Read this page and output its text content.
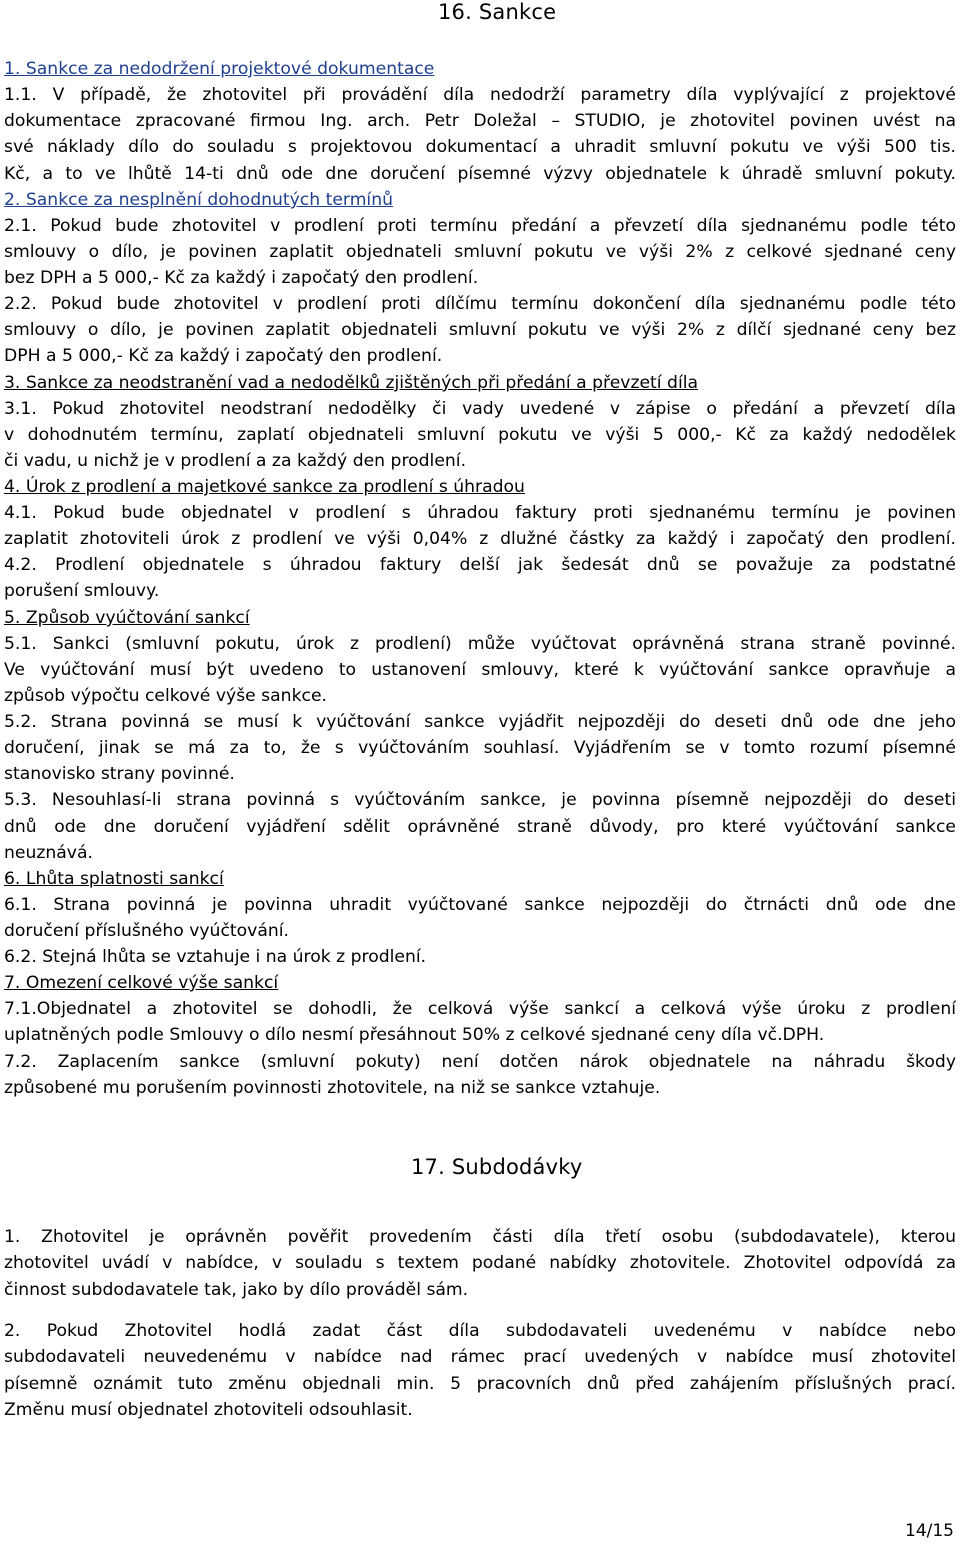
16. Sankce
1. Sankce za nedodržení projektové dokumentace
1.1. V případě, že zhotovitel při provádění díla nedodrží parametry díla vyplývající z projektové
dokumentace zpracované firmou Ing. arch. Petr Doležal – STUDIO, je zhotovitel povinen uvést na
své náklady dílo do souladu s projektovou dokumentací a uhradit smluvní pokutu ve výši 500 tis.
Kč, a to ve lhůtě 14-ti dnů ode dne doručení písemné výzvy objednatele k úhradě smluvní pokuty.
2. Sankce za nesplnění dohodnutých termínů
2.1. Pokud bude zhotovitel v prodlení proti termínu předání a převzetí díla sjednanému podle této
smlouvy o dílo, je povinen zaplatit objednateli smluvní pokutu ve výši 2% z celkové sjednané ceny
bez DPH a 5 000,- Kč za každý i započatý den prodlení.
2.2. Pokud bude zhotovitel v prodlení proti dílčímu termínu dokončení díla sjednanému podle této
smlouvy o dílo, je povinen zaplatit objednateli smluvní pokutu ve výši 2% z dílčí sjednané ceny bez
DPH a 5 000,- Kč za každý i započatý den prodlení.
3. Sankce za neodstranění vad a nedodělků zjištěných při předání a převzetí díla
3.1. Pokud zhotovitel neodstraní nedodělky či vady uvedené v zápise o předání a převzetí díla
v dohodnutém termínu, zaplatí objednateli smluvní pokutu ve výši 5 000,- Kč za každý nedodělek
či vadu, u nichž je v prodlení a za každý den prodlení.
4. Úrok z prodlení a majetkové sankce za prodlení s úhradou
4.1. Pokud bude objednatel v prodlení s úhradou faktury proti sjednanému termínu je povinen
zaplatit zhotoviteli úrok z prodlení ve výši 0,04% z dlužné částky za každý i započatý den prodlení.
4.2. Prodlení objednatele s úhradou faktury delší jak šedesát dnů se považuje za podstatné
porušení smlouvy.
5. Způsob vyúčtování sankcí
5.1. Sankci (smluvní pokutu, úrok z prodlení) může vyúčtovat oprávněná strana straně povinné.
Ve vyúčtování musí být uvedeno to ustanovení smlouvy, které k vyúčtování sankce opravňuje a
způsob výpočtu celkové výše sankce.
5.2. Strana povinná se musí k vyúčtování sankce vyjádřit nejpozději do deseti dnů ode dne jeho
doručení, jinak se má za to, že s vyúčtováním souhlasí. Vyjádřením se v tomto rozumí písemné
stanovisko strany povinné.
5.3. Nesouhlasí-li strana povinná s vyúčtováním sankce, je povinna písemně nejpozději do deseti
dnů ode dne doručení vyjádření sdělit oprávněné straně důvody, pro které vyúčtování sankce
neuznává.
6. Lhůta splatnosti sankcí
6.1. Strana povinná je povinna uhradit vyúčtované sankce nejpozději do čtrnácti dnů ode dne
doručení příslušného vyúčtování.
6.2. Stejná lhůta se vztahuje i na úrok z prodlení.
7. Omezení celkové výše sankcí
7.1.Objednatel a zhotovitel se dohodli, že celková výše sankcí a celková výše úroku z prodlení
uplatněných podle Smlouvy o dílo nesmí přesáhnout 50% z celkové sjednané ceny díla vč.DPH.
7.2. Zaplacením sankce (smluvní pokuty) není dotčen nárok objednatele na náhradu škody
způsobené mu porušením povinnosti zhotovitele, na niž se sankce vztahuje.
17. Subdodávky
1. Zhotovitel je oprávněn pověřit provedením části díla třetí osobu (subdodavatele), kterou
zhotovitel uvádí v nabídce, v souladu s textem podané nabídky zhotovitele. Zhotovitel odpovídá za
činnost subdodavatele tak, jako by dílo prováděl sám.
2. Pokud Zhotovitel hodlá zadat část díla subdodavateli uvedenému v nabídce nebo
subdodavateli neuvedenému v nabídce nad rámec prací uvedených v nabídce musí zhotovitel
písemně oznámit tuto změnu objednali min. 5 pracovních dnů před zahájením příslušných prací.
Změnu musí objednatel zhotoviteli odsouhlasit.
14/15
